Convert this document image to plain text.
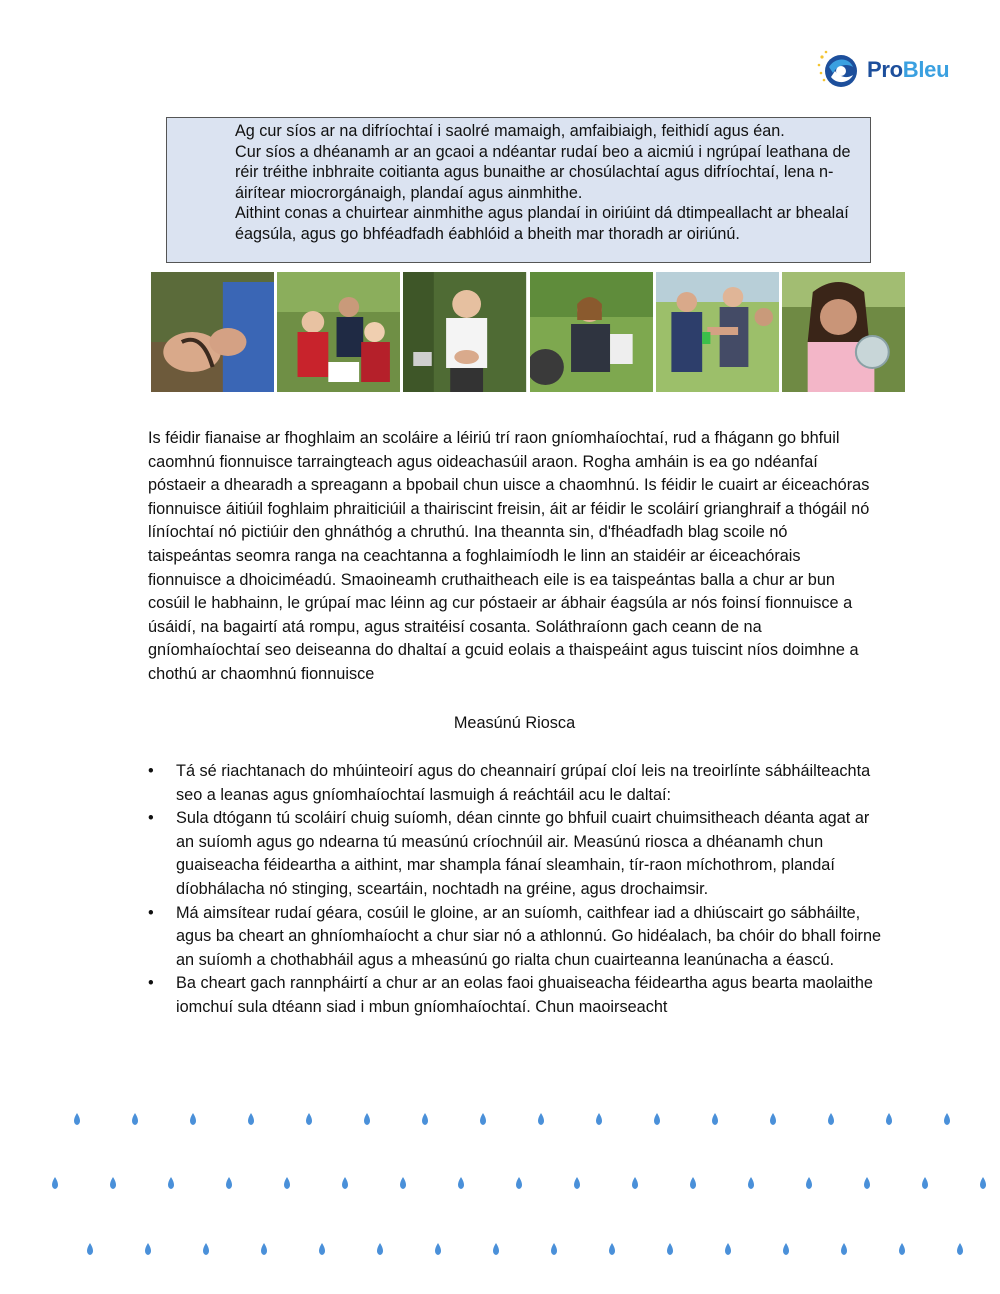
ProBleu

Ag cur síos ar na difríochtaí i saolré mamaigh, amfaibiaigh, feithidí agus éan.

Cur síos a dhéanamh ar an gcaoi a ndéantar rudaí beo a aicmiú i ngrúpaí leathana de réir tréithe inbhraite coitianta agus bunaithe ar chosúlachtaí agus difríochtaí, lena n-áirítear miocrorgánaigh, plandaí agus ainmhithe.

Aithint conas a chuirtear ainmhithe agus plandaí in oiriúint dá dtimpeallacht ar bhealaí éagsúla, agus go bhféadfadh éabhlóid a bheith mar thoradh ar oiriúnú.

Is féidir fianaise ar fhoghlaim an scoláire a léiriú trí raon gníomhaíochtaí, rud a fhágann go bhfuil caomhnú fionnuisce tarraingteach agus oideachasúil araon. Rogha amháin is ea go ndéanfaí póstaeir a dhearadh a spreagann a bpobail chun uisce a chaomhnú. Is féidir le cuairt ar éiceachóras fionnuisce áitiúil foghlaim phraiticiúil a thairiscint freisin, áit ar féidir le scoláirí grianghraif a thógáil nó líníochtaí nó pictiúir den ghnáthóg a chruthú. Ina theannta sin, d'fhéadfadh blag scoile nó taispeántas seomra ranga na ceachtanna a foghlaimíodh le linn an staidéir ar éiceachórais fionnuisce a dhoiciméadú. Smaoineamh cruthaitheach eile is ea taispeántas balla a chur ar bun cosúil le habhainn, le grúpaí mac léinn ag cur póstaeir ar ábhair éagsúla ar nós foinsí fionnuisce a úsáidí, na bagairtí atá rompu, agus straitéisí cosanta. Soláthraíonn gach ceann de na gníomhaíochtaí seo deiseanna do dhaltaí a gcuid eolais a thaispeáint agus tuiscint níos doimhne a chothú ar chaomhnú fionnuisce

Measúnú Riosca

• Tá sé riachtanach do mhúinteoirí agus do cheannairí grúpaí cloí leis na treoirlínte sábháilteachta seo a leanas agus gníomhaíochtaí lasmuigh á reáchtáil acu le daltaí:
• Sula dtógann tú scoláirí chuig suíomh, déan cinnte go bhfuil cuairt chuimsitheach déanta agat ar an suíomh agus go ndearna tú measúnú críochnúil air. Measúnú riosca a dhéanamh chun guaiseacha féideartha a aithint, mar shampla fánaí sleamhain, tír-raon míchothrom, plandaí díobhálacha nó stinging, sceartáin, nochtadh na gréine, agus drochaimsir.
• Má aimsítear rudaí géara, cosúil le gloine, ar an suíomh, caithfear iad a dhiúscairt go sábháilte, agus ba cheart an ghníomhaíocht a chur siar nó a athlonnú. Go hidéalach, ba chóir do bhall foirne an suíomh a chothabháil agus a mheasúnú go rialta chun cuairteanna leanúnacha a éascú.
• Ba cheart gach rannpháirtí a chur ar an eolas faoi ghuaiseacha féideartha agus bearta maolaithe iomchuí sula dtéann siad i mbun gníomhaíochtaí. Chun maoirseacht
